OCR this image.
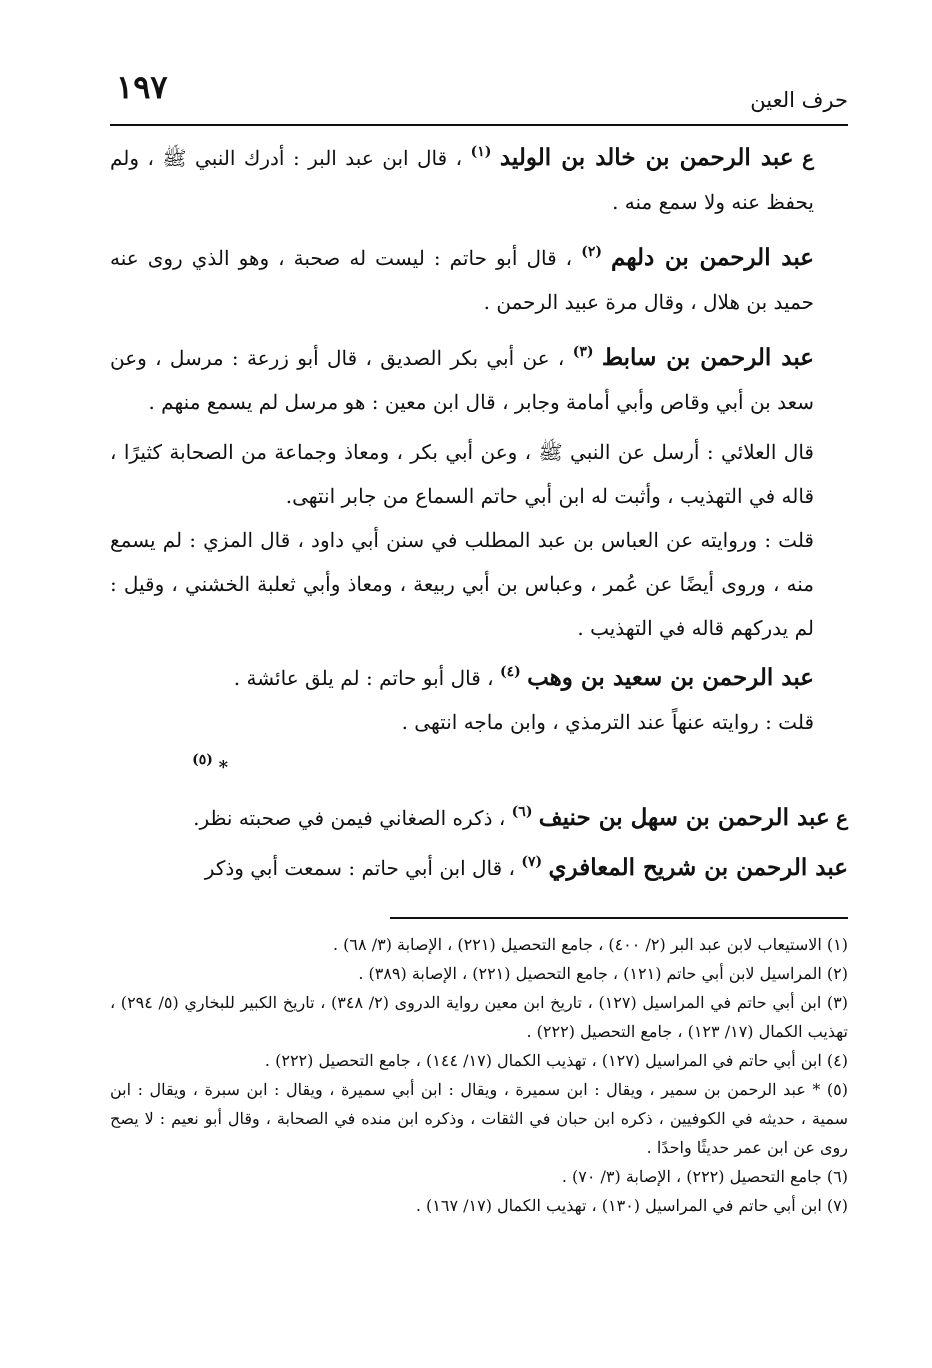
١٩٧	حرف العين

ع عبد الرحمن بن خالد بن الوليد $^{(١)}$ ، قال ابن عبد البر : أدرك النبي ﷺ ، ولم يحفظ عنه ولا سمع منه .

عبد الرحمن بن دلهم $^{(٢)}$ ، قال أبو حاتم : ليست له صحبة ، وهو الذي روى عنه حميد بن هلال ، وقال مرة عبيد الرحمن .

عبد الرحمن بن سابط $^{(٣)}$ ، عن أبي بكر الصديق ، قال أبو زرعة : مرسل ، وعن سعد بن أبي وقاص وأبي أمامة وجابر ، قال ابن معين : هو مرسل لم يسمع منهم .

قال العلائي : أرسل عن النبي ﷺ ، وعن أبي بكر ، ومعاذ وجماعة من الصحابة كثيرًا ، قاله في التهذيب ، وأثبت له ابن أبي حاتم السماع من جابر انتهى.

قلت : وروايته عن العباس بن عبد المطلب في سنن أبي داود ، قال المزي : لم يسمع منه ، وروى أيضًا عن عُمر ، وعباس بن أبي ربيعة ، ومعاذ وأبي ثعلبة الخشني ، وقيل : لم يدركهم قاله في التهذيب .

عبد الرحمن بن سعيد بن وهب $^{(٤)}$ ، قال أبو حاتم : لم يلق عائشة .

قلت : روايته عنهاً عند الترمذي ، وابن ماجه انتهى .

* $^{(٥)}$

ع عبد الرحمن بن سهل بن حنيف $^{(٦)}$ ، ذكره الصغاني فيمن في صحبته نظر.

عبد الرحمن بن شريح المعافري $^{(٧)}$ ، قال ابن أبي حاتم : سمعت أبي وذكر

(١) الاستيعاب لابن عبد البر (٢/ ٤٠٠) ، جامع التحصيل (٢٢١) ، الإصابة (٣/ ٦٨) .

(٢) المراسيل لابن أبي حاتم (١٢١) ، جامع التحصيل (٢٢١) ، الإصابة (٣٨٩) .

(٣) ابن أبي حاتم في المراسيل (١٢٧) ، تاريخ ابن معين رواية الدروى (٢/ ٣٤٨) ، تاريخ الكبير للبخاري (٥/ ٢٩٤) ، تهذيب الكمال (١٧/ ١٢٣) ، جامع التحصيل (٢٢٢) .

(٤) ابن أبي حاتم في المراسيل (١٢٧) ، تهذيب الكمال (١٧/ ١٤٤) ، جامع التحصيل (٢٢٢) .

(٥) * عبد الرحمن بن سمير ، ويقال : ابن سميرة ، ويقال : ابن أبي سميرة ، ويقال : ابن سبرة ، ويقال : ابن سمية ، حديثه في الكوفيين ، ذكره ابن حبان في الثقات ، وذكره ابن منده في الصحابة ، وقال أبو نعيم : لا يصح روى عن ابن عمر حديثًا واحدًا .

(٦) جامع التحصيل (٢٢٢) ، الإصابة (٣/ ٧٠) .

(٧) ابن أبي حاتم في المراسيل (١٣٠) ، تهذيب الكمال (١٧/ ١٦٧) .
